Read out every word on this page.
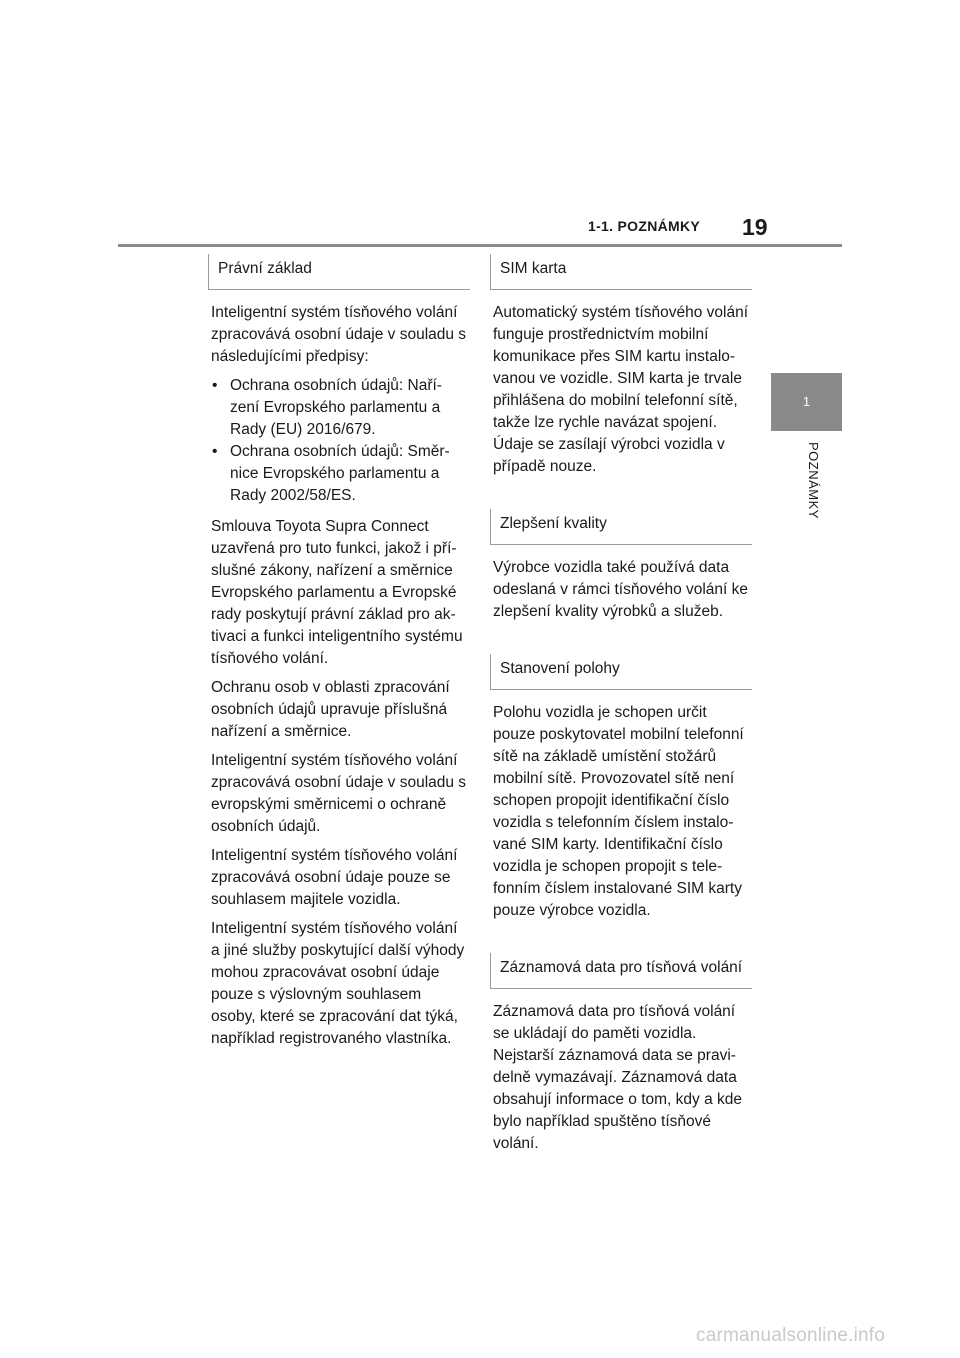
1-1. POZNÁMKY 19
1
POZNÁMKY
Právní základ

Inteligentní systém tísňového volání zpracovává osobní údaje v souladu s následujícími předpisy:

• Ochrana osobních údajů: Nařízení Evropského parlamentu a Rady (EU) 2016/679.
• Ochrana osobních údajů: Směrnice Evropského parlamentu a Rady 2002/58/ES.

Smlouva Toyota Supra Connect uzavřená pro tuto funkci, jakož i příslušné zákony, nařízení a směrnice Evropského parlamentu a Evropské rady poskytují právní základ pro aktivaci a funkci inteligentního systému tísňového volání.

Ochranu osob v oblasti zpracování osobních údajů upravuje příslušná nařízení a směrnice.

Inteligentní systém tísňového volání zpracovává osobní údaje v souladu s evropskými směrnicemi o ochraně osobních údajů.

Inteligentní systém tísňového volání zpracovává osobní údaje pouze se souhlasem majitele vozidla.

Inteligentní systém tísňového volání a jiné služby poskytující další výhody mohou zpracovávat osobní údaje pouze s výslovným souhlasem osoby, které se zpracování dat týká, například registrovaného vlastníka.

SIM karta

Automatický systém tísňového volání funguje prostřednictvím mobilní komunikace přes SIM kartu instalovanou ve vozidle. SIM karta je trvale přihlášena do mobilní telefonní sítě, takže lze rychle navázat spojení. Údaje se zasílají výrobci vozidla v případě nouze.

Zlepšení kvality

Výrobce vozidla také používá data odeslaná v rámci tísňového volání ke zlepšení kvality výrobků a služeb.

Stanovení polohy

Polohu vozidla je schopen určit pouze poskytovatel mobilní telefonní sítě na základě umístění stožárů mobilní sítě. Provozovatel sítě není schopen propojit identifikační číslo vozidla s telefonním číslem instalované SIM karty. Identifikační číslo vozidla je schopen propojit s telefonním číslem instalované SIM karty pouze výrobce vozidla.

Záznamová data pro tísňová volání

Záznamová data pro tísňová volání se ukládají do paměti vozidla. Nejstarší záznamová data se pravidelně vymazávají. Záznamová data obsahují informace o tom, kdy a kde bylo například spuštěno tísňové volání.

carmanualsonline.info
